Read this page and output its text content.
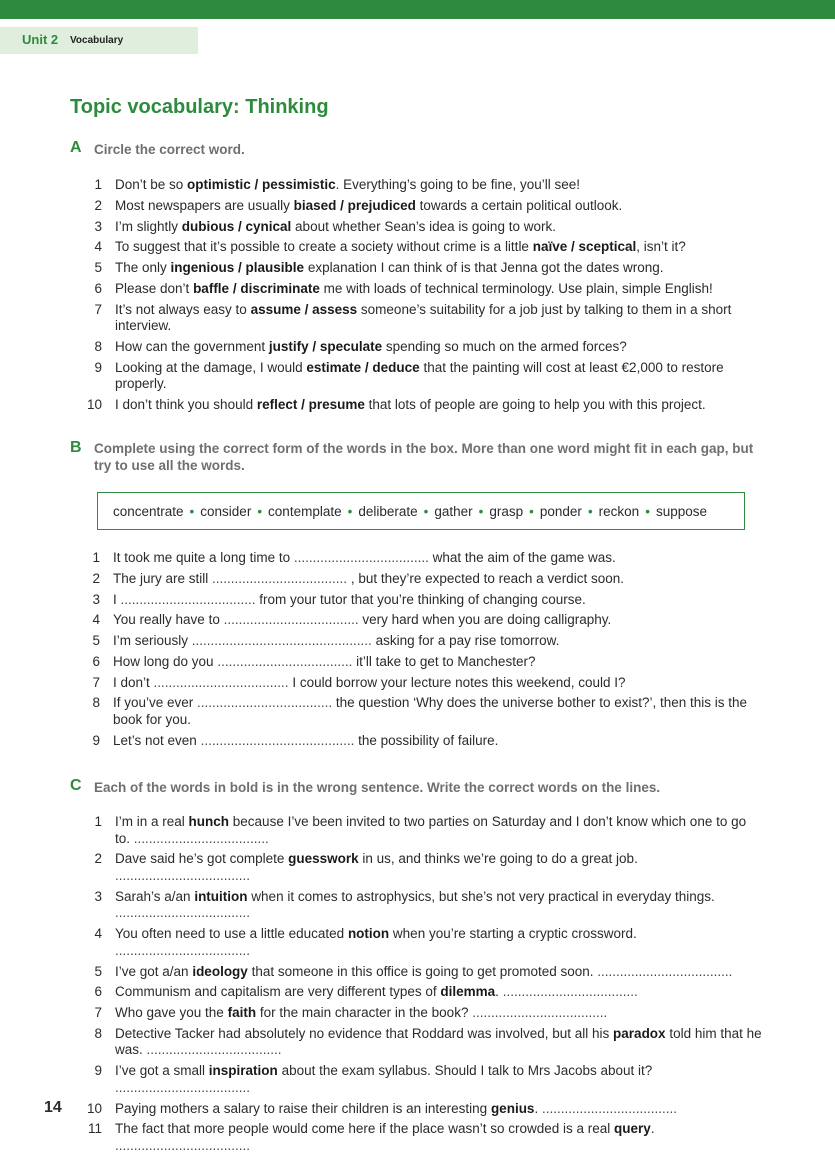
Unit 2 Vocabulary
Topic vocabulary: Thinking
A Circle the correct word.
1 Don’t be so optimistic / pessimistic. Everything’s going to be fine, you’ll see!
2 Most newspapers are usually biased / prejudiced towards a certain political outlook.
3 I’m slightly dubious / cynical about whether Sean’s idea is going to work.
4 To suggest that it’s possible to create a society without crime is a little naïve / sceptical, isn’t it?
5 The only ingenious / plausible explanation I can think of is that Jenna got the dates wrong.
6 Please don’t baffle / discriminate me with loads of technical terminology. Use plain, simple English!
7 It’s not always easy to assume / assess someone’s suitability for a job just by talking to them in a short interview.
8 How can the government justify / speculate spending so much on the armed forces?
9 Looking at the damage, I would estimate / deduce that the painting will cost at least €2,000 to restore properly.
10 I don’t think you should reflect / presume that lots of people are going to help you with this project.
B Complete using the correct form of the words in the box. More than one word might fit in each gap, but try to use all the words.
concentrate • consider • contemplate • deliberate • gather • grasp • ponder • reckon • suppose
1 It took me quite a long time to .................................... what the aim of the game was.
2 The jury are still .................................... , but they’re expected to reach a verdict soon.
3 I .................................... from your tutor that you’re thinking of changing course.
4 You really have to .................................... very hard when you are doing calligraphy.
5 I’m seriously ................................................ asking for a pay rise tomorrow.
6 How long do you .................................... it’ll take to get to Manchester?
7 I don’t .................................... I could borrow your lecture notes this weekend, could I?
8 If you’ve ever .................................... the question ‘Why does the universe bother to exist?’, then this is the book for you.
9 Let’s not even ......................................... the possibility of failure.
C Each of the words in bold is in the wrong sentence. Write the correct words on the lines.
1 I’m in a real hunch because I’ve been invited to two parties on Saturday and I don’t know which one to go to. ....................................
2 Dave said he’s got complete guesswork in us, and thinks we’re going to do a great job. ....................................
3 Sarah’s a/an intuition when it comes to astrophysics, but she’s not very practical in everyday things. ....................................
4 You often need to use a little educated notion when you’re starting a cryptic crossword. ....................................
5 I’ve got a/an ideology that someone in this office is going to get promoted soon. ....................................
6 Communism and capitalism are very different types of dilemma. ....................................
7 Who gave you the faith for the main character in the book? ....................................
8 Detective Tacker had absolutely no evidence that Roddard was involved, but all his paradox told him that he was. ....................................
9 I’ve got a small inspiration about the exam syllabus. Should I talk to Mrs Jacobs about it? ....................................
10 Paying mothers a salary to raise their children is an interesting genius. ....................................
11 The fact that more people would come here if the place wasn’t so crowded is a real query. ....................................
14
